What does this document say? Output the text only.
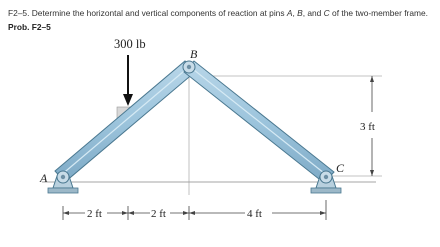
F2–5. Determine the horizontal and vertical components of reaction at pins A, B, and C of the two-member frame.
Prob. F2–5
300 lb
A
B
C
2 ft	2 ft	4 ft
3 ft
